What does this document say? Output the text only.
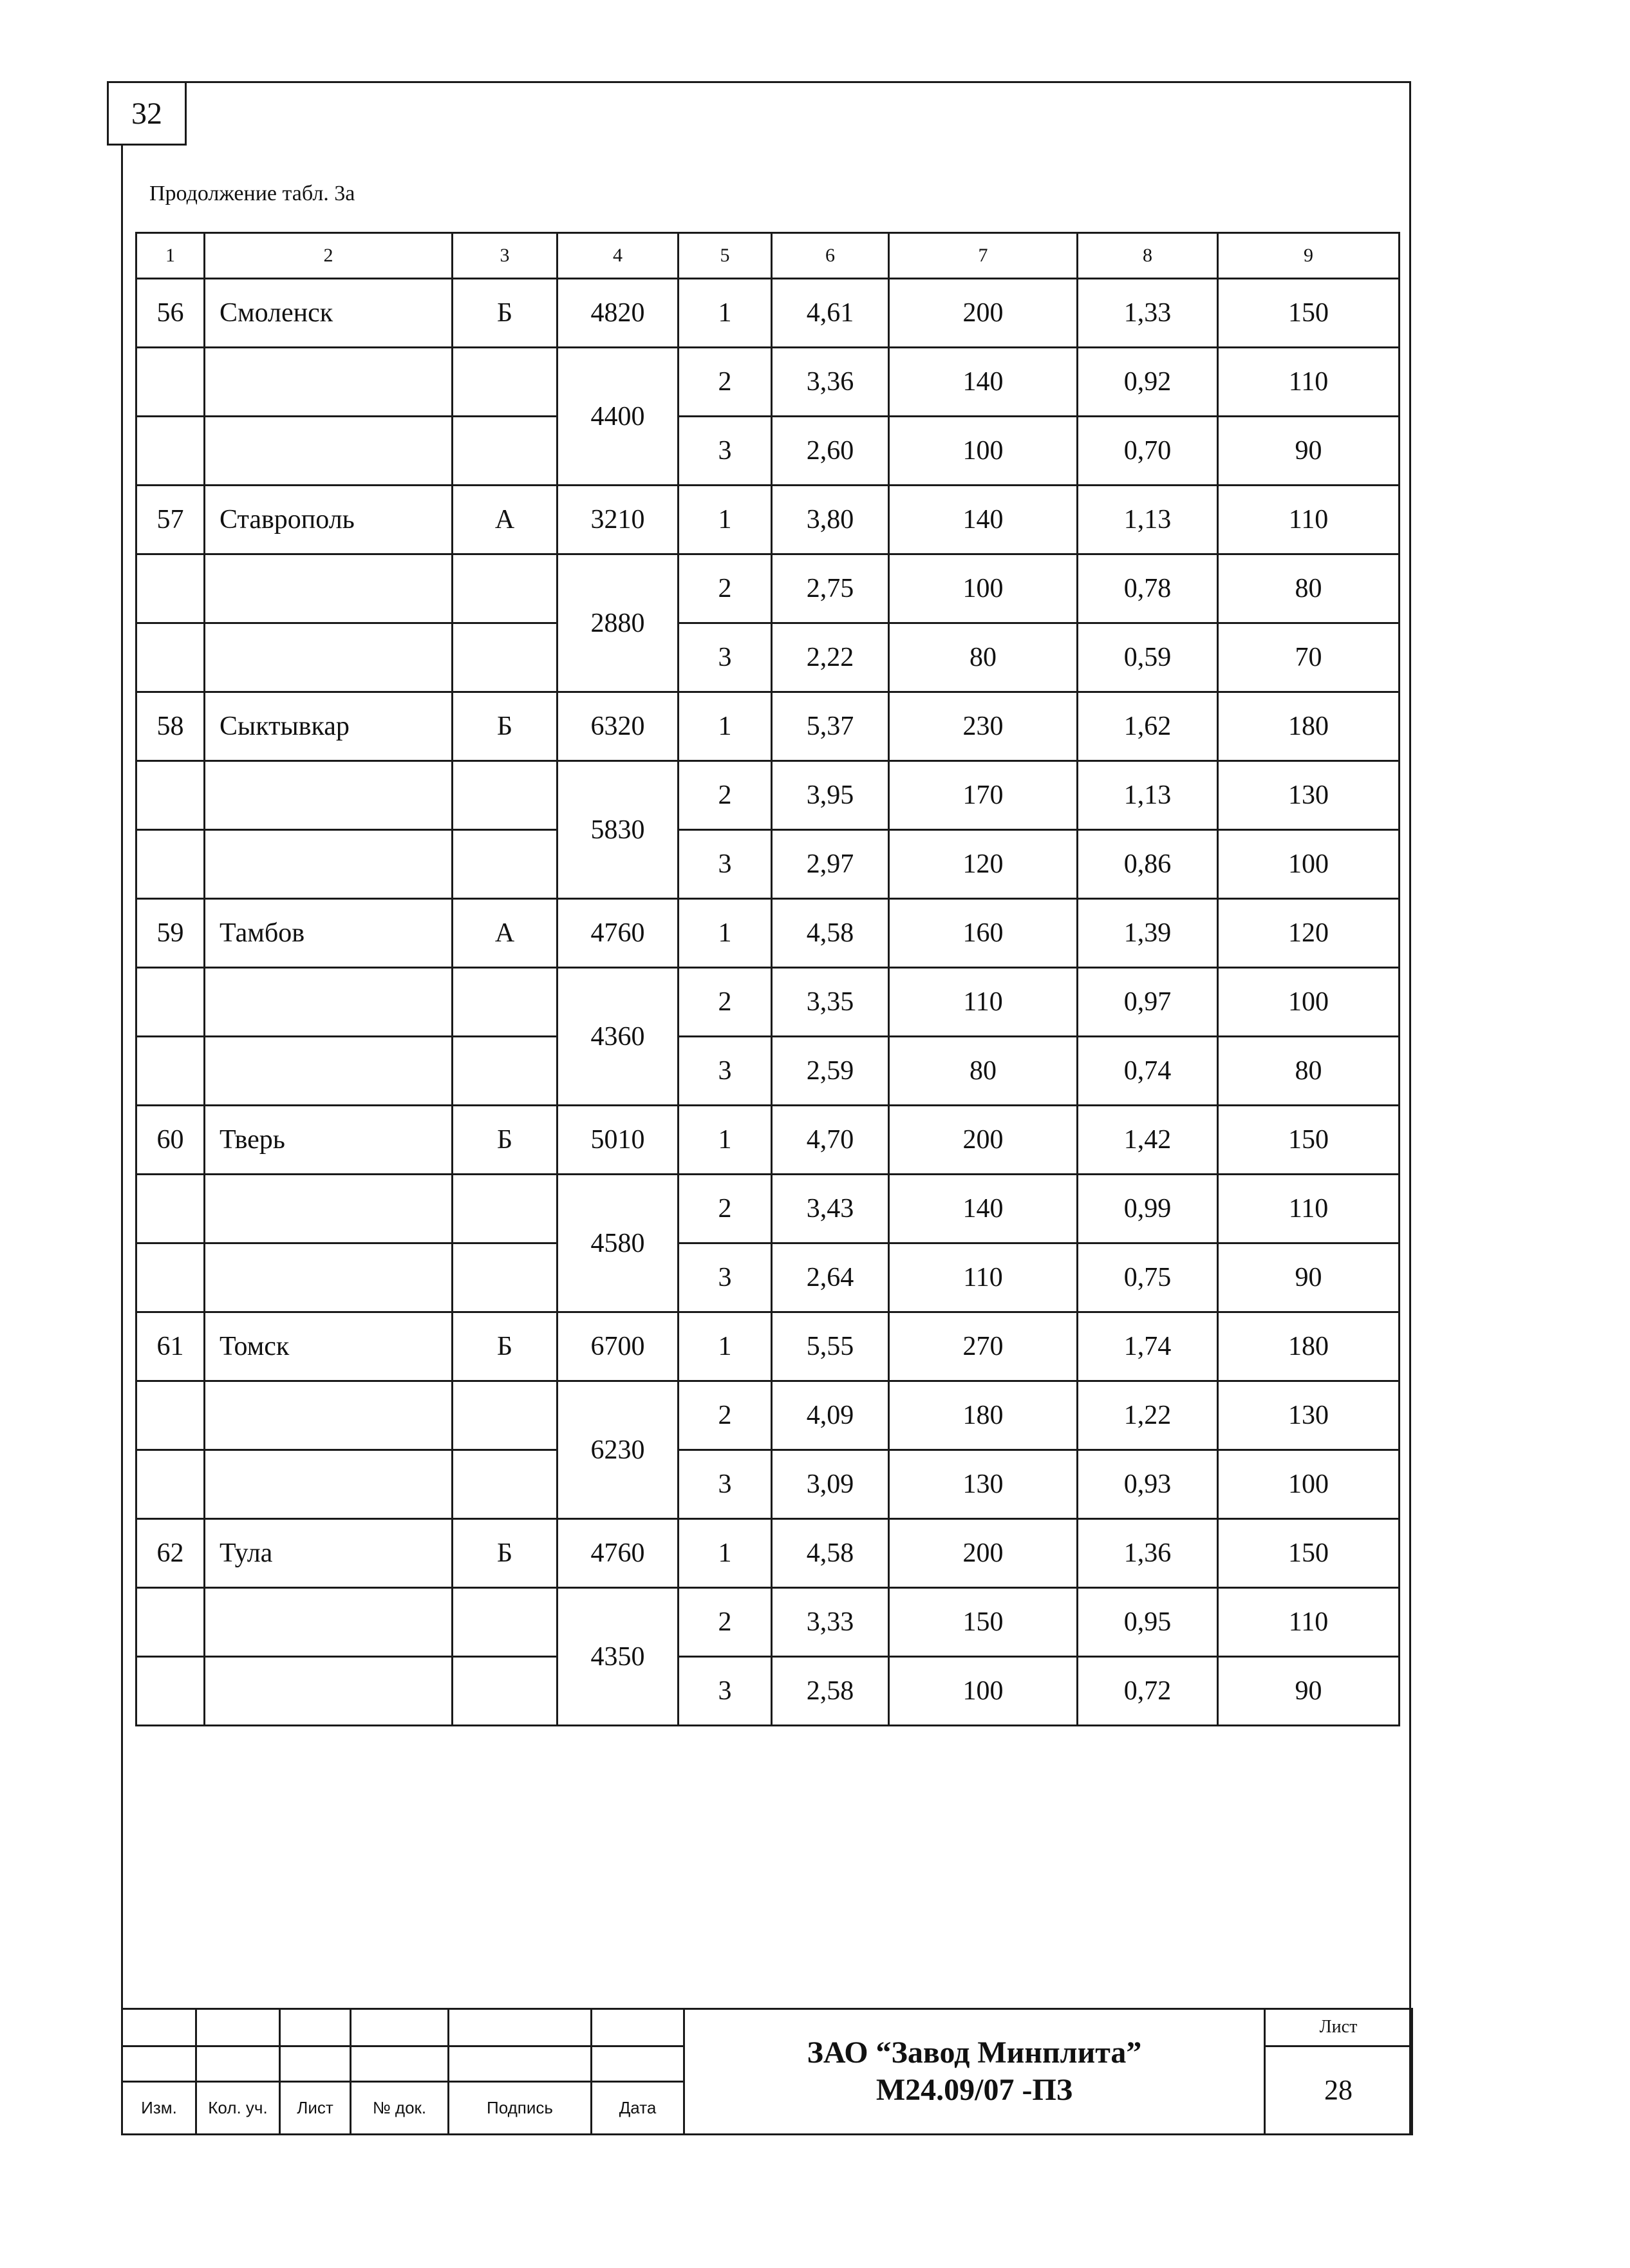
32
Продолжение табл. 3а
1	2	3	4	5	6	7	8	9
56	Смоленск	Б	4820	1	4,61	200	1,33	150
			4400	2	3,36	140	0,92	110
				3	2,60	100	0,70	90
57	Ставрополь	А	3210	1	3,80	140	1,13	110
			2880	2	2,75	100	0,78	80
				3	2,22	80	0,59	70
58	Сыктывкар	Б	6320	1	5,37	230	1,62	180
			5830	2	3,95	170	1,13	130
				3	2,97	120	0,86	100
59	Тамбов	А	4760	1	4,58	160	1,39	120
			4360	2	3,35	110	0,97	100
				3	2,59	80	0,74	80
60	Тверь	Б	5010	1	4,70	200	1,42	150
			4580	2	3,43	140	0,99	110
				3	2,64	110	0,75	90
61	Томск	Б	6700	1	5,55	270	1,74	180
			6230	2	4,09	180	1,22	130
				3	3,09	130	0,93	100
62	Тула	Б	4760	1	4,58	200	1,36	150
			4350	2	3,33	150	0,95	110
				3	2,58	100	0,72	90

						ЗАО “Завод Минплита”
М24.09/07 -ПЗ	Лист
							28
Изм.	Кол. уч.	Лист	№ док.	Подпись	Дата		
